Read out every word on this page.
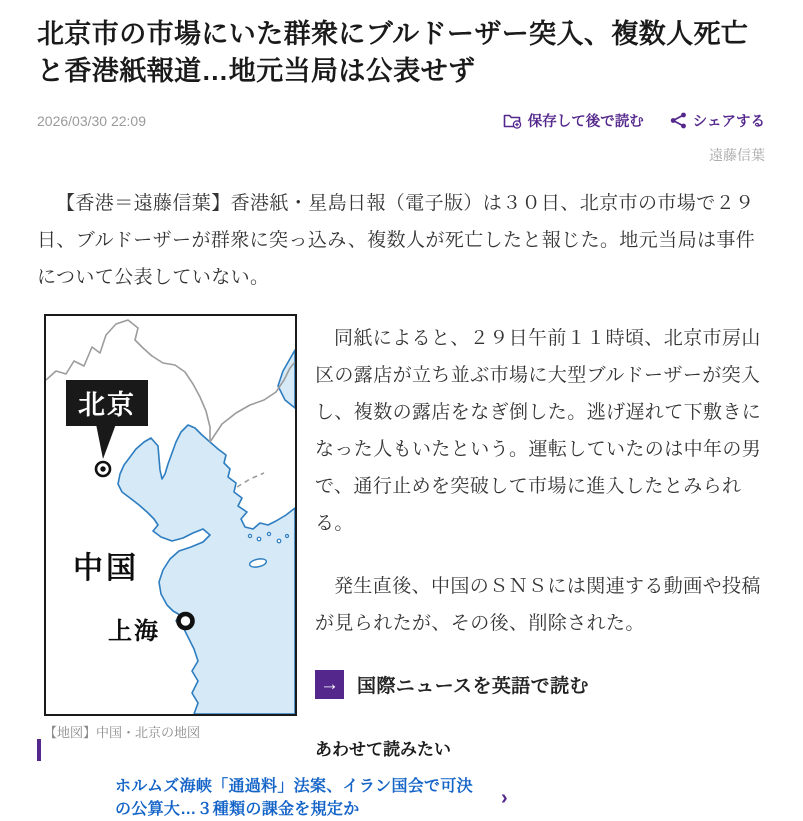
北京市の市場にいた群衆にブルドーザー突入、複数人死亡と香港紙報道…地元当局は公表せず
2026/03/30 22:09	保存して後で読む	シェアする
遠藤信葉

【香港＝遠藤信葉】香港紙・星島日報（電子版）は３０日、北京市の市場で２９日、ブルドーザーが群衆に突っ込み、複数人が死亡したと報じた。地元当局は事件について公表していない。

北京
中国
上海
【地図】中国・北京の地図

同紙によると、２９日午前１１時頃、北京市房山区の露店が立ち並ぶ市場に大型ブルドーザーが突入し、複数の露店をなぎ倒した。逃げ遅れて下敷きになった人もいたという。運転していたのは中年の男で、通行止めを突破して市場に進入したとみられる。

発生直後、中国のＳＮＳには関連する動画や投稿が見られたが、その後、削除された。

→ 国際ニュースを英語で読む
あわせて読みたい
ホルムズ海峡「通過料」法案、イラン国会で可決の公算大…３種類の課金を規定か
›
